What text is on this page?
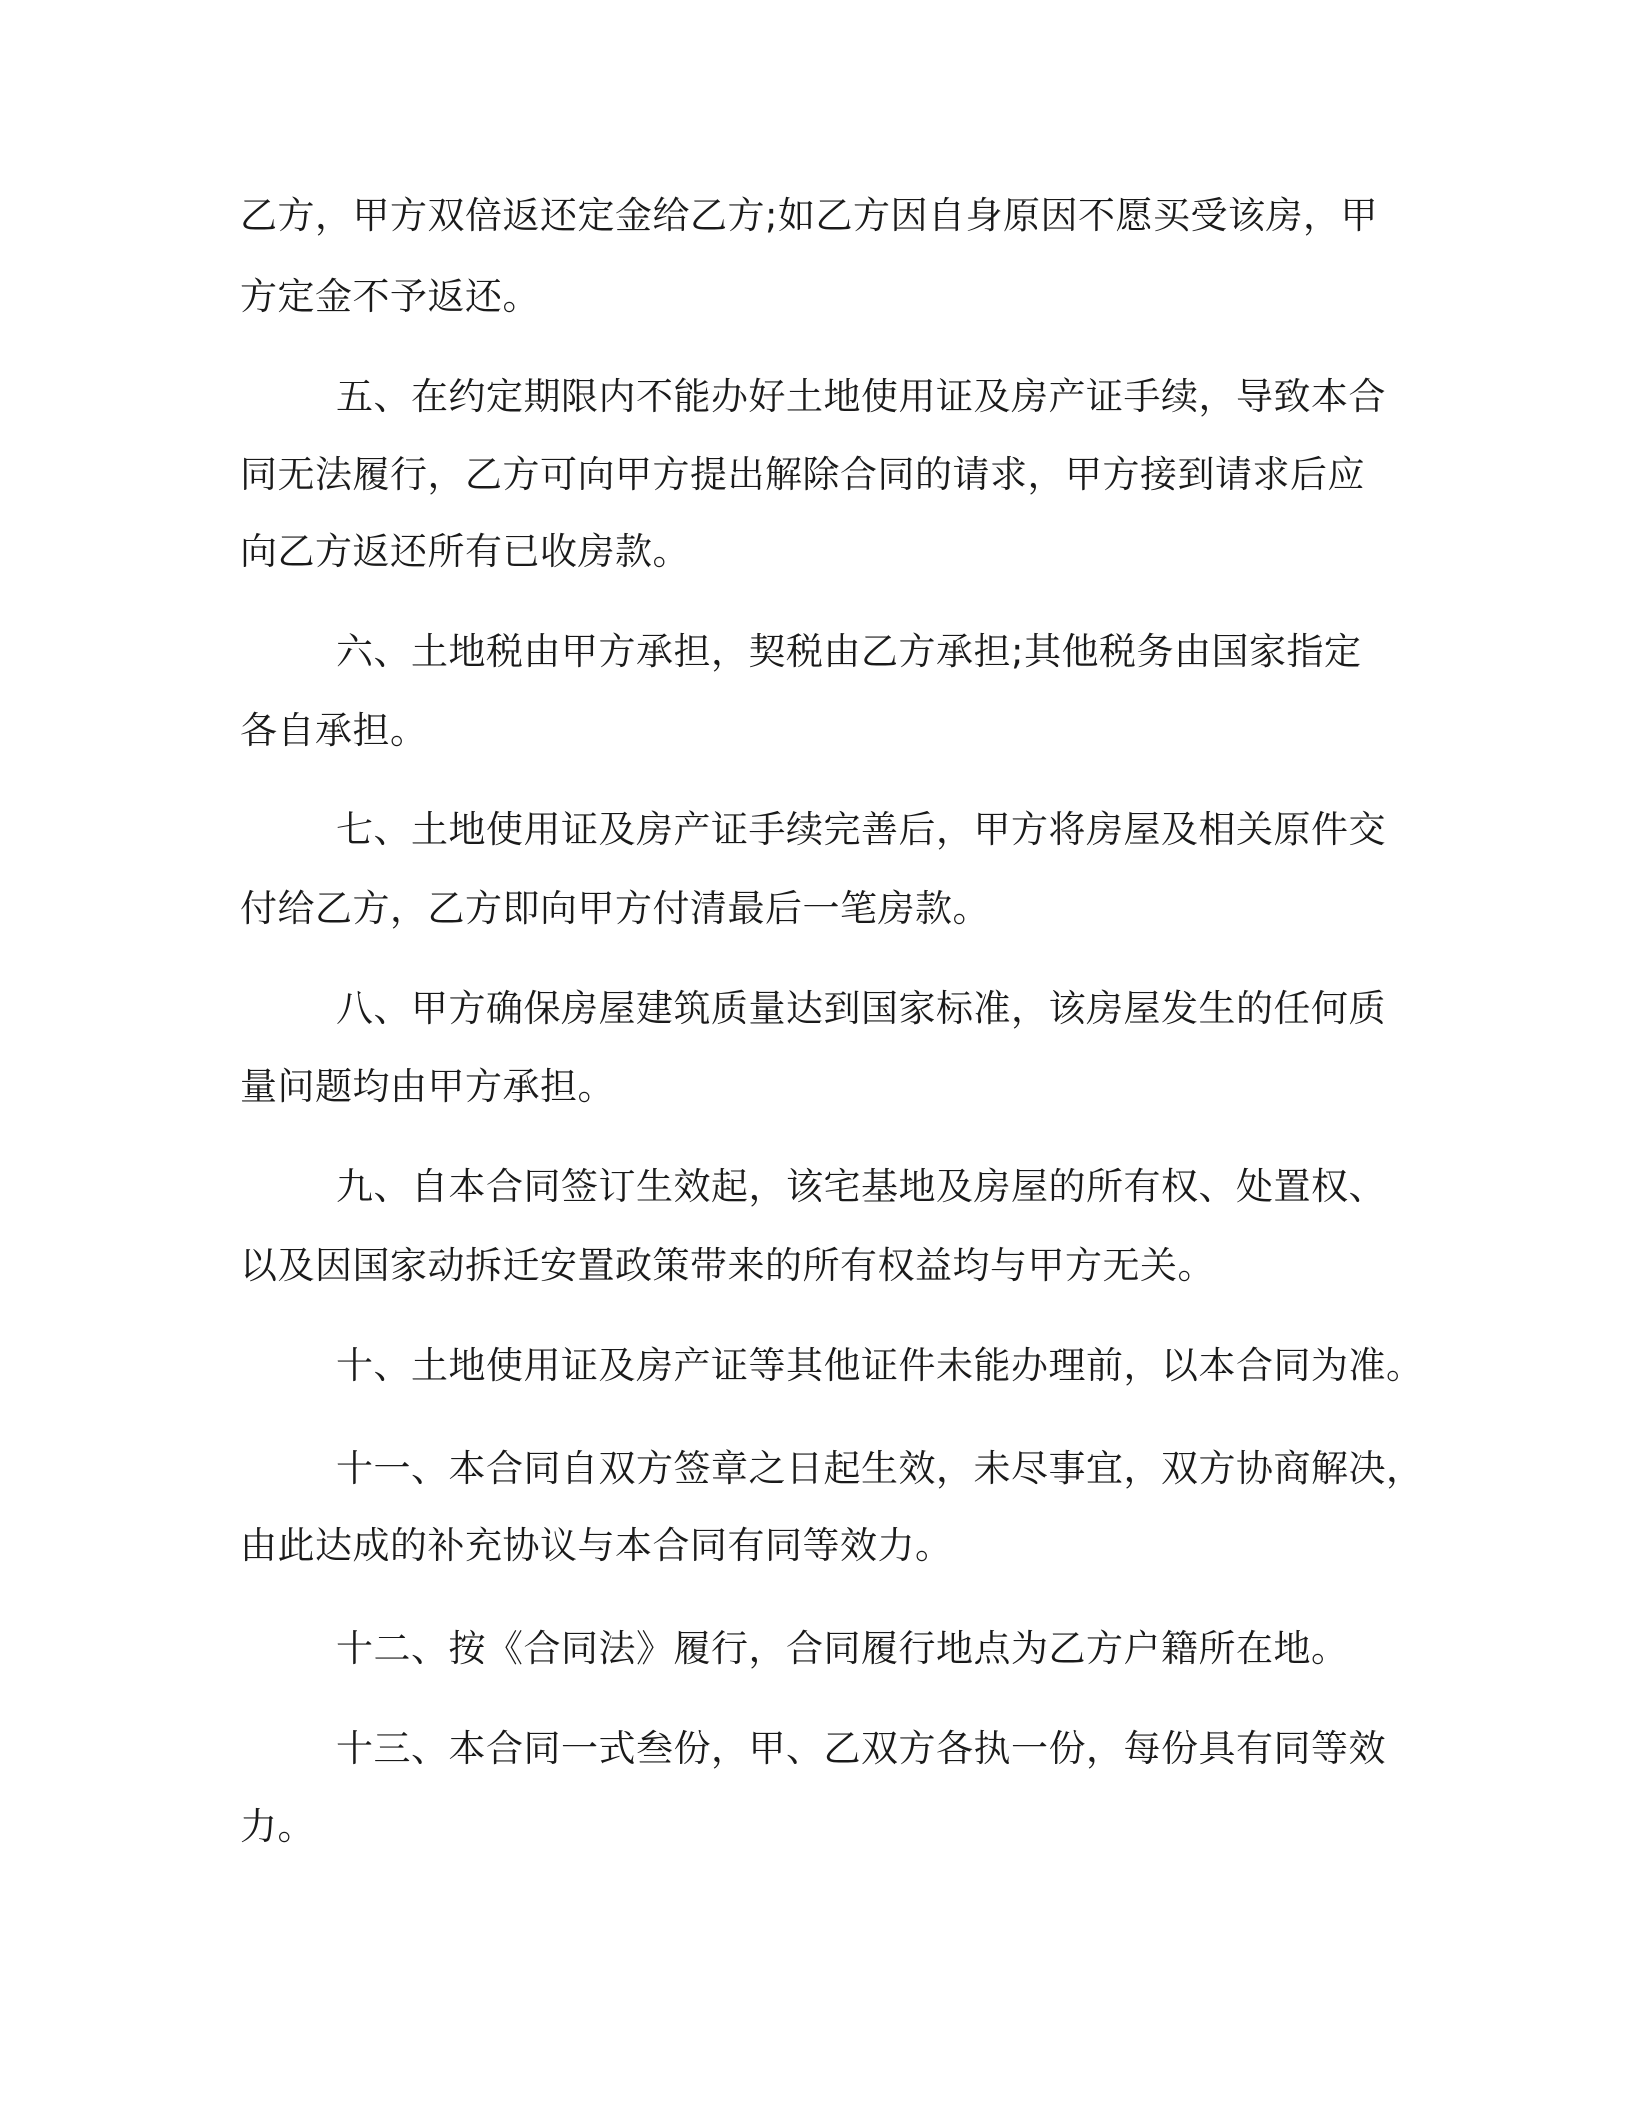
乙方，甲方双倍返还定金给乙方;如乙方因自身原因不愿买受该房，甲
方定金不予返还。
五、在约定期限内不能办好土地使用证及房产证手续，导致本合
同无法履行，乙方可向甲方提出解除合同的请求，甲方接到请求后应
向乙方返还所有已收房款。
六、土地税由甲方承担，契税由乙方承担;其他税务由国家指定
各自承担。
七、土地使用证及房产证手续完善后，甲方将房屋及相关原件交
付给乙方，乙方即向甲方付清最后一笔房款。
八、甲方确保房屋建筑质量达到国家标准，该房屋发生的任何质
量问题均由甲方承担。
九、自本合同签订生效起，该宅基地及房屋的所有权、处置权、
以及因国家动拆迁安置政策带来的所有权益均与甲方无关。
十、土地使用证及房产证等其他证件未能办理前，以本合同为准。
十一、本合同自双方签章之日起生效，未尽事宜，双方协商解决，
由此达成的补充协议与本合同有同等效力。
十二、按《合同法》履行，合同履行地点为乙方户籍所在地。
十三、本合同一式叁份，甲、乙双方各执一份，每份具有同等效
力。
